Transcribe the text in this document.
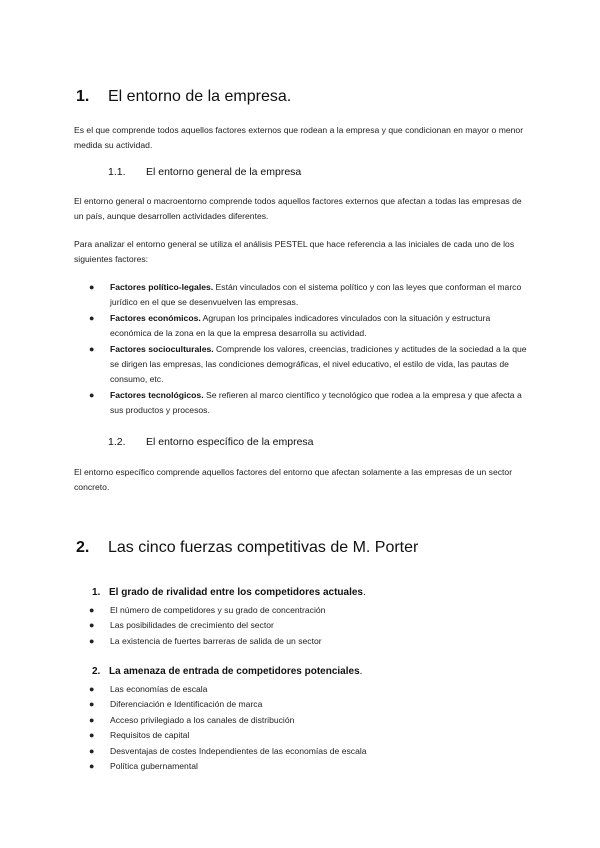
1. El entorno de la empresa.

Es el que comprende todos aquellos factores externos que rodean a la empresa y que condicionan en mayor o menor medida su actividad.

1.1. El entorno general de la empresa

El entorno general o macroentorno comprende todos aquellos factores externos que afectan a todas las empresas de un país, aunque desarrollen actividades diferentes.

Para analizar el entorno general se utiliza el análisis PESTEL que hace referencia a las iniciales de cada uno de los siguientes factores:

● Factores político-legales. Están vinculados con el sistema político y con las leyes que conforman el marco jurídico en el que se desenvuelven las empresas.
● Factores económicos. Agrupan los principales indicadores vinculados con la situación y estructura económica de la zona en la que la empresa desarrolla su actividad.
● Factores socioculturales. Comprende los valores, creencias, tradiciones y actitudes de la sociedad a la que se dirigen las empresas, las condiciones demográficas, el nivel educativo, el estilo de vida, las pautas de consumo, etc.
● Factores tecnológicos. Se refieren al marco científico y tecnológico que rodea a la empresa y que afecta a sus productos y procesos.
1.2. El entorno específico de la empresa

El entorno específico comprende aquellos factores del entorno que afectan solamente a las empresas de un sector concreto.

2. Las cinco fuerzas competitivas de M. Porter
1. El grado de rivalidad entre los competidores actuales.
● El número de competidores y su grado de concentración
● Las posibilidades de crecimiento del sector
● La existencia de fuertes barreras de salida de un sector
2. La amenaza de entrada de competidores potenciales.
● Las economías de escala
● Diferenciación e Identificación de marca
● Acceso privilegiado a los canales de distribución
● Requisitos de capital
● Desventajas de costes Independientes de las economías de escala
● Política gubernamental
